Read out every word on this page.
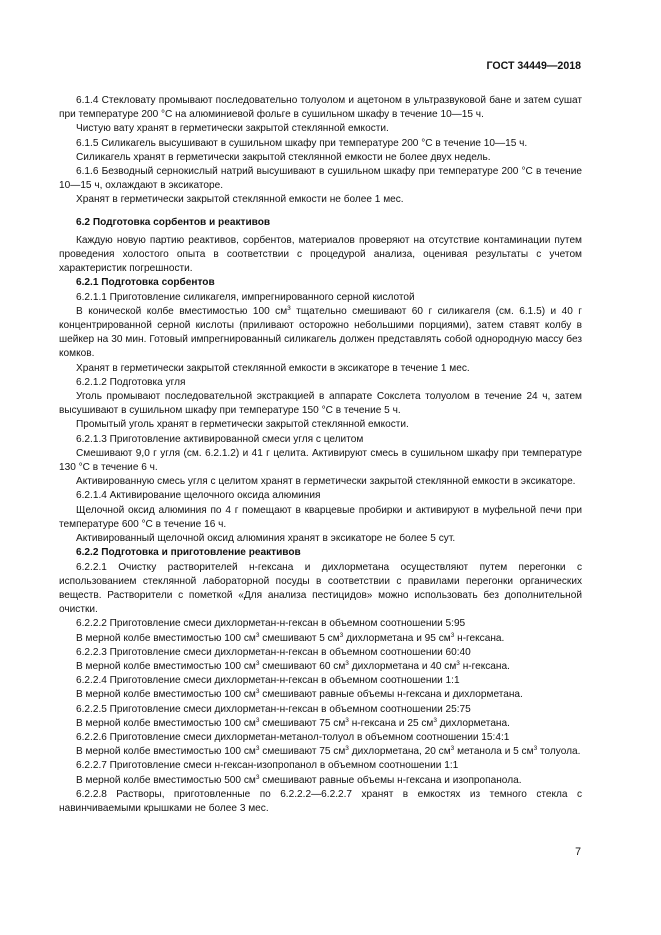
ГОСТ 34449—2018

6.1.4 Стекловату промывают последовательно толуолом и ацетоном в ультразвуковой бане и затем сушат при температуре 200 °С на алюминиевой фольге в сушильном шкафу в течение 10—15 ч.

Чистую вату хранят в герметически закрытой стеклянной емкости.

6.1.5 Силикагель высушивают в сушильном шкафу при температуре 200 °С в течение 10—15 ч.

Силикагель хранят в герметически закрытой стеклянной емкости не более двух недель.

6.1.6 Безводный сернокислый натрий высушивают в сушильном шкафу при температуре 200 °С в течение 10—15 ч, охлаждают в эксикаторе.

Хранят в герметически закрытой стеклянной емкости не более 1 мес.

6.2 Подготовка сорбентов и реактивов

Каждую новую партию реактивов, сорбентов, материалов проверяют на отсутствие контаминации путем проведения холостого опыта в соответствии с процедурой анализа, оценивая результаты с учетом характеристик погрешности.

6.2.1 Подготовка сорбентов

6.2.1.1 Приготовление силикагеля, импрегнированного серной кислотой

В конической колбе вместимостью 100 $см^3$ тщательно смешивают 60 г силикагеля (см. 6.1.5) и 40 г концентрированной серной кислоты (приливают осторожно небольшими порциями), затем ставят колбу в шейкер на 30 мин. Готовый импрегнированный силикагель должен представлять собой однородную массу без комков.

Хранят в герметически закрытой стеклянной емкости в эксикаторе в течение 1 мес.

6.2.1.2 Подготовка угля

Уголь промывают последовательной экстракцией в аппарате Сокслета толуолом в течение 24 ч, затем высушивают в сушильном шкафу при температуре 150 °С в течение 5 ч.

Промытый уголь хранят в герметически закрытой стеклянной емкости.

6.2.1.3 Приготовление активированной смеси угля с целитом

Смешивают 9,0 г угля (см. 6.2.1.2) и 41 г целита. Активируют смесь в сушильном шкафу при температуре 130 °С в течение 6 ч.

Активированную смесь угля с целитом хранят в герметически закрытой стеклянной емкости в эксикаторе.

6.2.1.4 Активирование щелочного оксида алюминия

Щелочной оксид алюминия по 4 г помещают в кварцевые пробирки и активируют в муфельной печи при температуре 600 °С в течение 16 ч.

Активированный щелочной оксид алюминия хранят в эксикаторе не более 5 сут.

6.2.2 Подготовка и приготовление реактивов

6.2.2.1 Очистку растворителей н-гексана и дихлорметана осуществляют путем перегонки с использованием стеклянной лабораторной посуды в соответствии с правилами перегонки органических веществ. Растворители с пометкой «Для анализа пестицидов» можно использовать без дополнительной очистки.

6.2.2.2 Приготовление смеси дихлорметан-н-гексан в объемном соотношении 5:95

В мерной колбе вместимостью 100 $см^3$ смешивают 5 $см^3$ дихлорметана и 95 $см^3$ н-гексана.

6.2.2.3 Приготовление смеси дихлорметан-н-гексан в объемном соотношении 60:40

В мерной колбе вместимостью 100 $см^3$ смешивают 60 $см^3$ дихлорметана и 40 $см^3$ н-гексана.

6.2.2.4 Приготовление смеси дихлорметан-н-гексан в объемном соотношении 1:1

В мерной колбе вместимостью 100 $см^3$ смешивают равные объемы н-гексана и дихлорметана.

6.2.2.5 Приготовление смеси дихлорметан-н-гексан в объемном соотношении 25:75

В мерной колбе вместимостью 100 $см^3$ смешивают 75 $см^3$ н-гексана и 25 $см^3$ дихлорметана.

6.2.2.6 Приготовление смеси дихлорметан-метанол-толуол в объемном соотношении 15:4:1

В мерной колбе вместимостью 100 $см^3$ смешивают 75 $см^3$ дихлорметана, 20 $см^3$ метанола и 5 $см^3$ толуола.

6.2.2.7 Приготовление смеси н-гексан-изопропанол в объемном соотношении 1:1

В мерной колбе вместимостью 500 $см^3$ смешивают равные объемы н-гексана и изопропанола.

6.2.2.8 Растворы, приготовленные по 6.2.2.2—6.2.2.7 хранят в емкостях из темного стекла с навинчиваемыми крышками не более 3 мес.

7
